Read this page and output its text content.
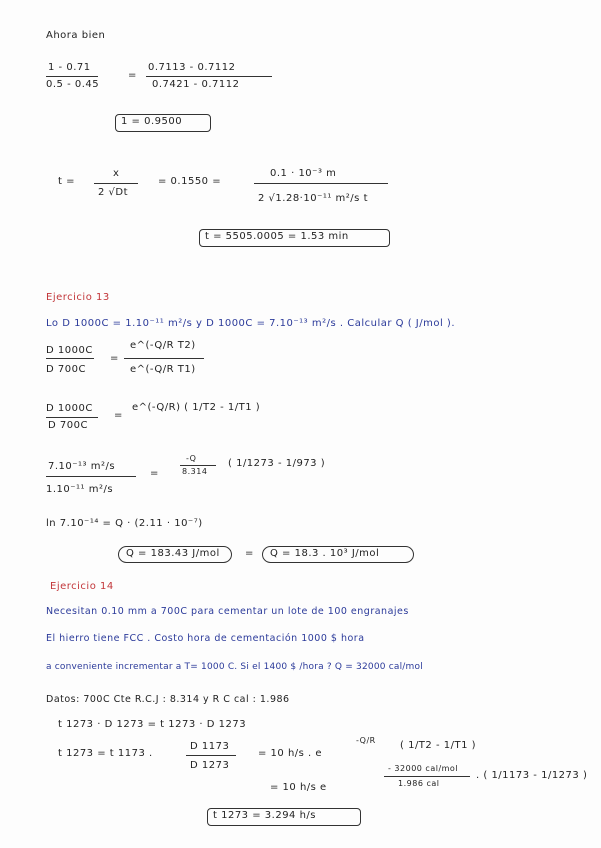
Ahora bien
1 - 0.71
0.5 - 0.45
=
0.7113 - 0.7112
0.7421 - 0.7112
1 = 0.9500
t =
x
2 √Dt
= 0.1550 =
0.1 · 10⁻³ m
2 √1.28·10⁻¹¹ m²/s t
t = 5505.0005 = 1.53 min
Ejercicio 13
Lo D 1000C = 1.10⁻¹¹ m²/s y D 1000C = 7.10⁻¹³ m²/s . Calcular Q ( J/mol ).
D 1000C
D 700C
=
e^(-Q/R T2)
e^(-Q/R T1)
D 1000C
D 700C
=
e^(-Q/R) ( 1/T2 - 1/T1 )
7.10⁻¹³ m²/s
1.10⁻¹¹ m²/s
=
-Q
8.314
( 1/1273 - 1/973 )
ln 7.10⁻¹⁴ = Q · (2.11 · 10⁻⁷)
Q = 183.43 J/mol	= Q = 18.3 . 10³ J/mol
Ejercicio 14
Necesitan 0.10 mm a 700C para cementar un lote de 100 engranajes
El hierro tiene FCC . Costo hora de cementación 1000 $ hora
a conveniente incrementar a T= 1000 C. Si el 1400 $ /hora ? Q = 32000 cal/mol
Datos: 700C Cte R.C.J : 8.314 y R C cal : 1.986
t 1273 · D 1273 = t 1273 · D 1273
t 1273 = t 1173 .
D 1173
D 1273
= 10 h/s . e
-Q/R ( 1/T2 - 1/T1 )
= 10 h/s e
- 32000 cal/mol
1.986 cal
. ( 1/1173 - 1/1273 )
t 1273 = 3.294 h/s
